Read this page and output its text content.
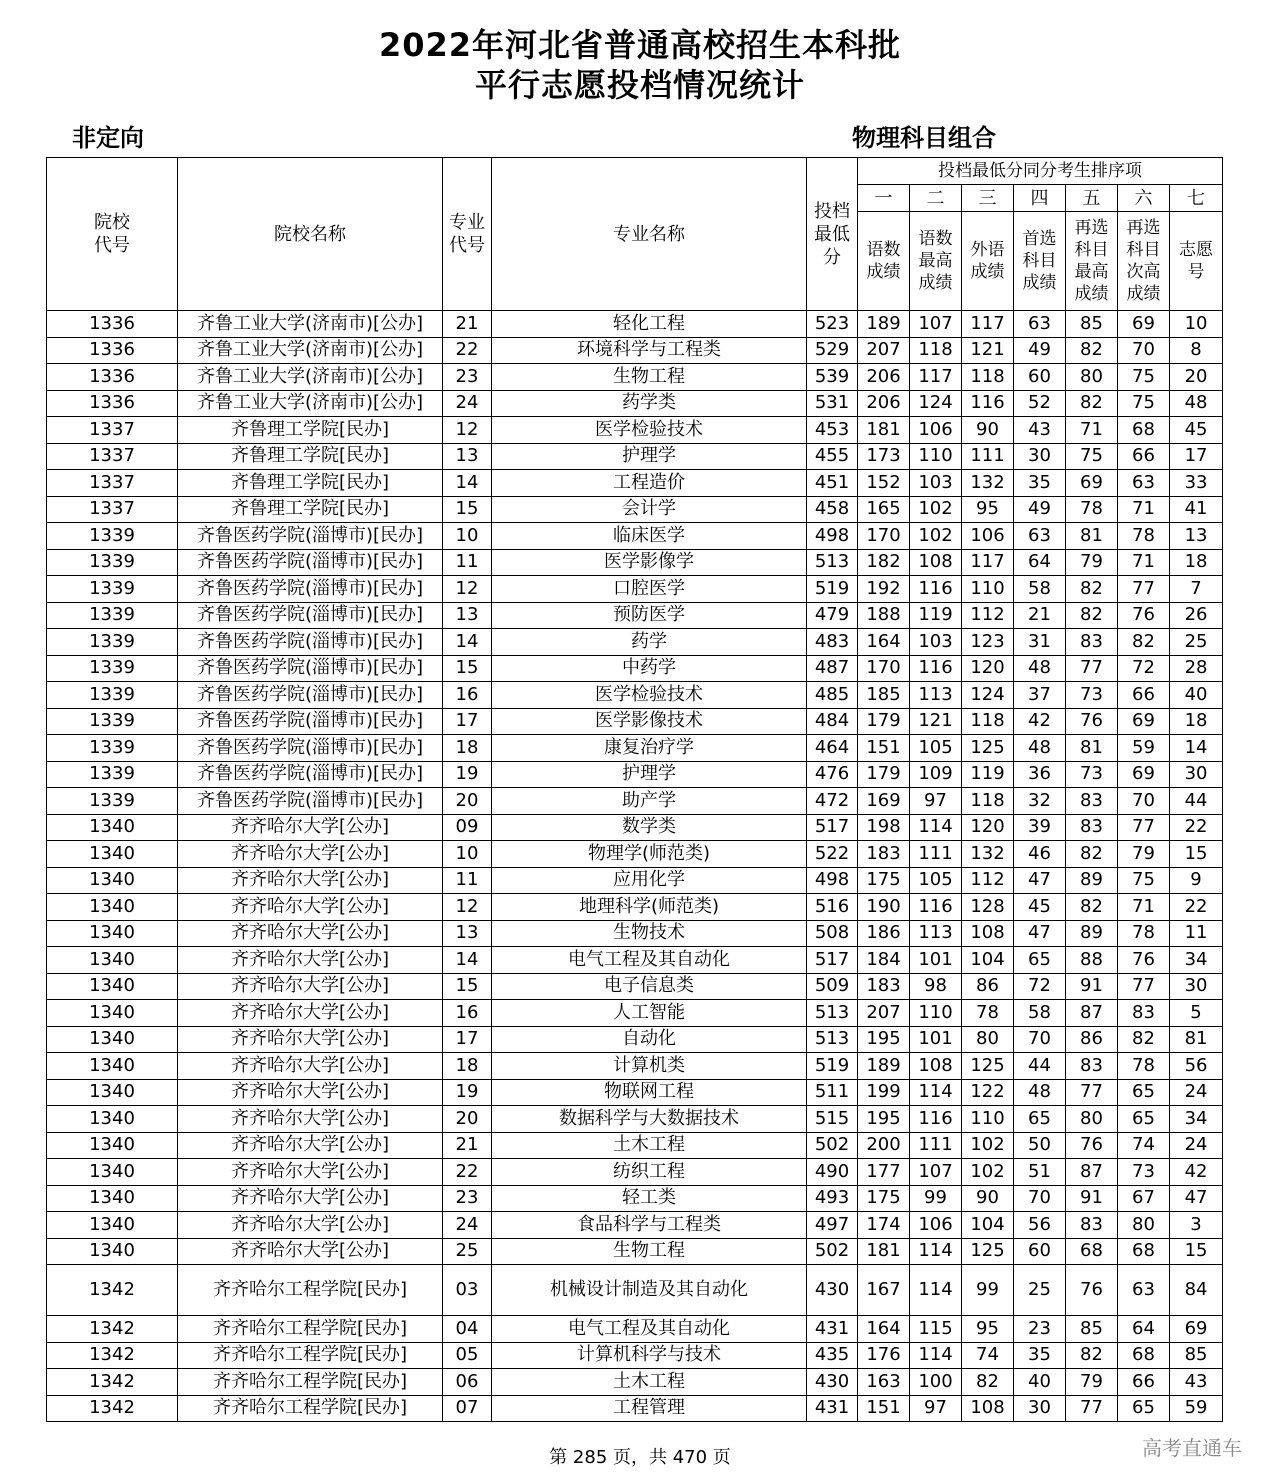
2022年河北省普通高校招生本科批
平行志愿投档情况统计
非定向	物理科目组合
院校代号	院校名称	专业代号	专业名称	投档最低分	投档最低分同分考生排序项						
					一	二	三	四	五	六	七
					语数成绩	语数最高成绩	外语成绩	首选科目成绩	再选科目最高成绩	再选科目次高成绩	志愿号
1336	齐鲁工业大学(济南市)[公办]	21	轻化工程	523	189	107	117	63	85	69	10
1336	齐鲁工业大学(济南市)[公办]	22	环境科学与工程类	529	207	118	121	49	82	70	8
1336	齐鲁工业大学(济南市)[公办]	23	生物工程	539	206	117	118	60	80	75	20
1336	齐鲁工业大学(济南市)[公办]	24	药学类	531	206	124	116	52	82	75	48
1337	齐鲁理工学院[民办]	12	医学检验技术	453	181	106	90	43	71	68	45
1337	齐鲁理工学院[民办]	13	护理学	455	173	110	111	30	75	66	17
1337	齐鲁理工学院[民办]	14	工程造价	451	152	103	132	35	69	63	33
1337	齐鲁理工学院[民办]	15	会计学	458	165	102	95	49	78	71	41
1339	齐鲁医药学院(淄博市)[民办]	10	临床医学	498	170	102	106	63	81	78	13
1339	齐鲁医药学院(淄博市)[民办]	11	医学影像学	513	182	108	117	64	79	71	18
1339	齐鲁医药学院(淄博市)[民办]	12	口腔医学	519	192	116	110	58	82	77	7
1339	齐鲁医药学院(淄博市)[民办]	13	预防医学	479	188	119	112	21	82	76	26
1339	齐鲁医药学院(淄博市)[民办]	14	药学	483	164	103	123	31	83	82	25
1339	齐鲁医药学院(淄博市)[民办]	15	中药学	487	170	116	120	48	77	72	28
1339	齐鲁医药学院(淄博市)[民办]	16	医学检验技术	485	185	113	124	37	73	66	40
1339	齐鲁医药学院(淄博市)[民办]	17	医学影像技术	484	179	121	118	42	76	69	18
1339	齐鲁医药学院(淄博市)[民办]	18	康复治疗学	464	151	105	125	48	81	59	14
1339	齐鲁医药学院(淄博市)[民办]	19	护理学	476	179	109	119	36	73	69	30
1339	齐鲁医药学院(淄博市)[民办]	20	助产学	472	169	97	118	32	83	70	44
1340	齐齐哈尔大学[公办]	09	数学类	517	198	114	120	39	83	77	22
1340	齐齐哈尔大学[公办]	10	物理学(师范类)	522	183	111	132	46	82	79	15
1340	齐齐哈尔大学[公办]	11	应用化学	498	175	105	112	47	89	75	9
1340	齐齐哈尔大学[公办]	12	地理科学(师范类)	516	190	116	128	45	82	71	22
1340	齐齐哈尔大学[公办]	13	生物技术	508	186	113	108	47	89	78	11
1340	齐齐哈尔大学[公办]	14	电气工程及其自动化	517	184	101	104	65	88	76	34
1340	齐齐哈尔大学[公办]	15	电子信息类	509	183	98	86	72	91	77	30
1340	齐齐哈尔大学[公办]	16	人工智能	513	207	110	78	58	87	83	5
1340	齐齐哈尔大学[公办]	17	自动化	513	195	101	80	70	86	82	81
1340	齐齐哈尔大学[公办]	18	计算机类	519	189	108	125	44	83	78	56
1340	齐齐哈尔大学[公办]	19	物联网工程	511	199	114	122	48	77	65	24
1340	齐齐哈尔大学[公办]	20	数据科学与大数据技术	515	195	116	110	65	80	65	34
1340	齐齐哈尔大学[公办]	21	土木工程	502	200	111	102	50	76	74	24
1340	齐齐哈尔大学[公办]	22	纺织工程	490	177	107	102	51	87	73	42
1340	齐齐哈尔大学[公办]	23	轻工类	493	175	99	90	70	91	67	47
1340	齐齐哈尔大学[公办]	24	食品科学与工程类	497	174	106	104	56	83	80	3
1340	齐齐哈尔大学[公办]	25	生物工程	502	181	114	125	60	68	68	15
1342	齐齐哈尔工程学院[民办]	03	机械设计制造及其自动化	430	167	114	99	25	76	63	84
1342	齐齐哈尔工程学院[民办]	04	电气工程及其自动化	431	164	115	95	23	85	64	69
1342	齐齐哈尔工程学院[民办]	05	计算机科学与技术	435	176	114	74	35	82	68	85
1342	齐齐哈尔工程学院[民办]	06	土木工程	430	163	100	82	40	79	66	43
1342	齐齐哈尔工程学院[民办]	07	工程管理	431	151	97	108	30	77	65	59
第 285 页，共 470 页	高考直通车
